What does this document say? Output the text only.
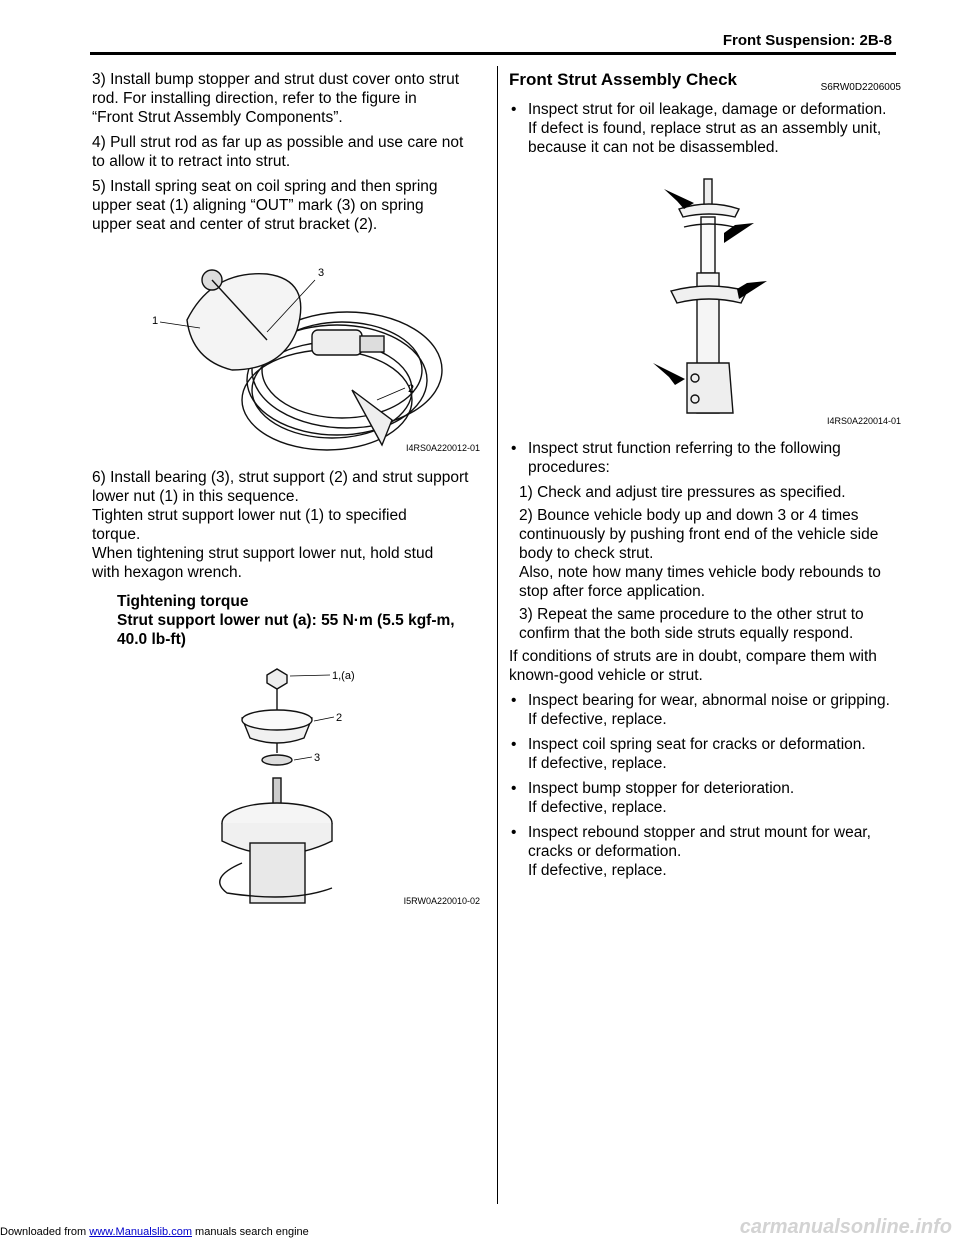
Front Suspension: 2B-8
3) Install bump stopper and strut dust cover onto strut
rod. For installing direction, refer to the figure in
“Front Strut Assembly Components”.
4) Pull strut rod as far up as possible and use care not
to allow it to retract into strut.
5) Install spring seat on coil spring and then spring
upper seat (1) aligning “OUT” mark (3) on spring
upper seat and center of strut bracket (2).
1
3
2
I4RS0A220012-01
6) Install bearing (3), strut support (2) and strut support
lower nut (1) in this sequence.
Tighten strut support lower nut (1) to specified
torque.
When tightening strut support lower nut, hold stud
with hexagon wrench.
Tightening torque
Strut support lower nut (a): 55 N·m (5.5 kgf-m,
40.0 lb-ft)
1,(a)
2
3
I5RW0A220010-02
Front Strut Assembly Check	S6RW0D2206005
• Inspect strut for oil leakage, damage or deformation.
If defect is found, replace strut as an assembly unit,
because it can not be disassembled.
I4RS0A220014-01
• Inspect strut function referring to the following
procedures:
1) Check and adjust tire pressures as specified.
2) Bounce vehicle body up and down 3 or 4 times
continuously by pushing front end of the vehicle side
body to check strut.
Also, note how many times vehicle body rebounds to
stop after force application.
3) Repeat the same procedure to the other strut to
confirm that the both side struts equally respond.
If conditions of struts are in doubt, compare them with
known-good vehicle or strut.
• Inspect bearing for wear, abnormal noise or gripping.
If defective, replace.
• Inspect coil spring seat for cracks or deformation.
If defective, replace.
• Inspect bump stopper for deterioration.
If defective, replace.
• Inspect rebound stopper and strut mount for wear,
cracks or deformation.
If defective, replace.
Downloaded from www.Manualslib.com manuals search engine	carmanualsonline.info
